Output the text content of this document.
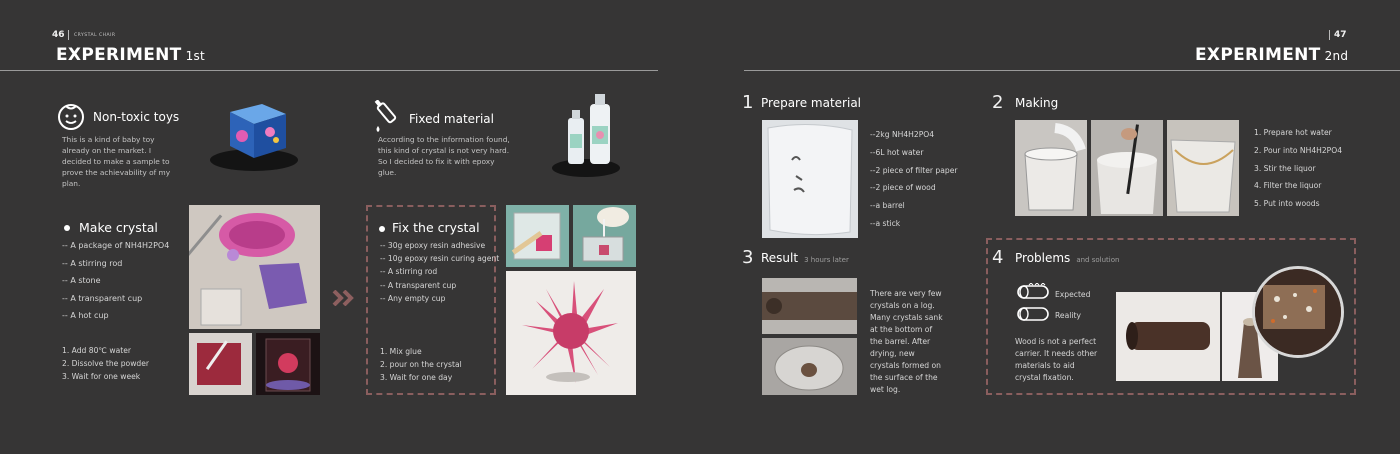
46 CRYSTAL CHAIR
EXPERIMENT 1st
Non-toxic toys
This is a kind of baby toy already on the market. I decided to make a sample to prove the achievability of my plan.
Fixed material
According to the information found, this kind of crystal is not very hard. So I decided to fix it with epoxy glue.
Make crystal
-- A package of NH4H2PO4
-- A stirring rod
-- A stone
-- A transparent cup
-- A hot cup
1. Add 80℃ water
2. Dissolve the powder
3. Wait for one week
Fix the crystal
-- 30g epoxy resin adhesive
-- 10g epoxy resin curing agent
-- A stirring rod
-- A transparent cup
-- Any empty cup
1. Mix glue
2. pour on the crystal
3. Wait for one day
47
EXPERIMENT 2nd
1 Prepare material
--2kg NH4H2PO4
--6L hot water
--2 piece of filter paper
--2 piece of wood
--a barrel
--a stick
2 Making
1. Prepare hot water
2. Pour into NH4H2PO4
3. Stir the liquor
4. Filter the liquor
5. Put into woods
3 Result 3 hours later
There are very few crystals on a log. Many crystals sank at the bottom of the barrel. After drying, new crystals formed on the surface of the wet log.
4 Problems and solution
Expected
Reality
Wood is not a perfect carrier. It needs other materials to aid crystal fixation.
